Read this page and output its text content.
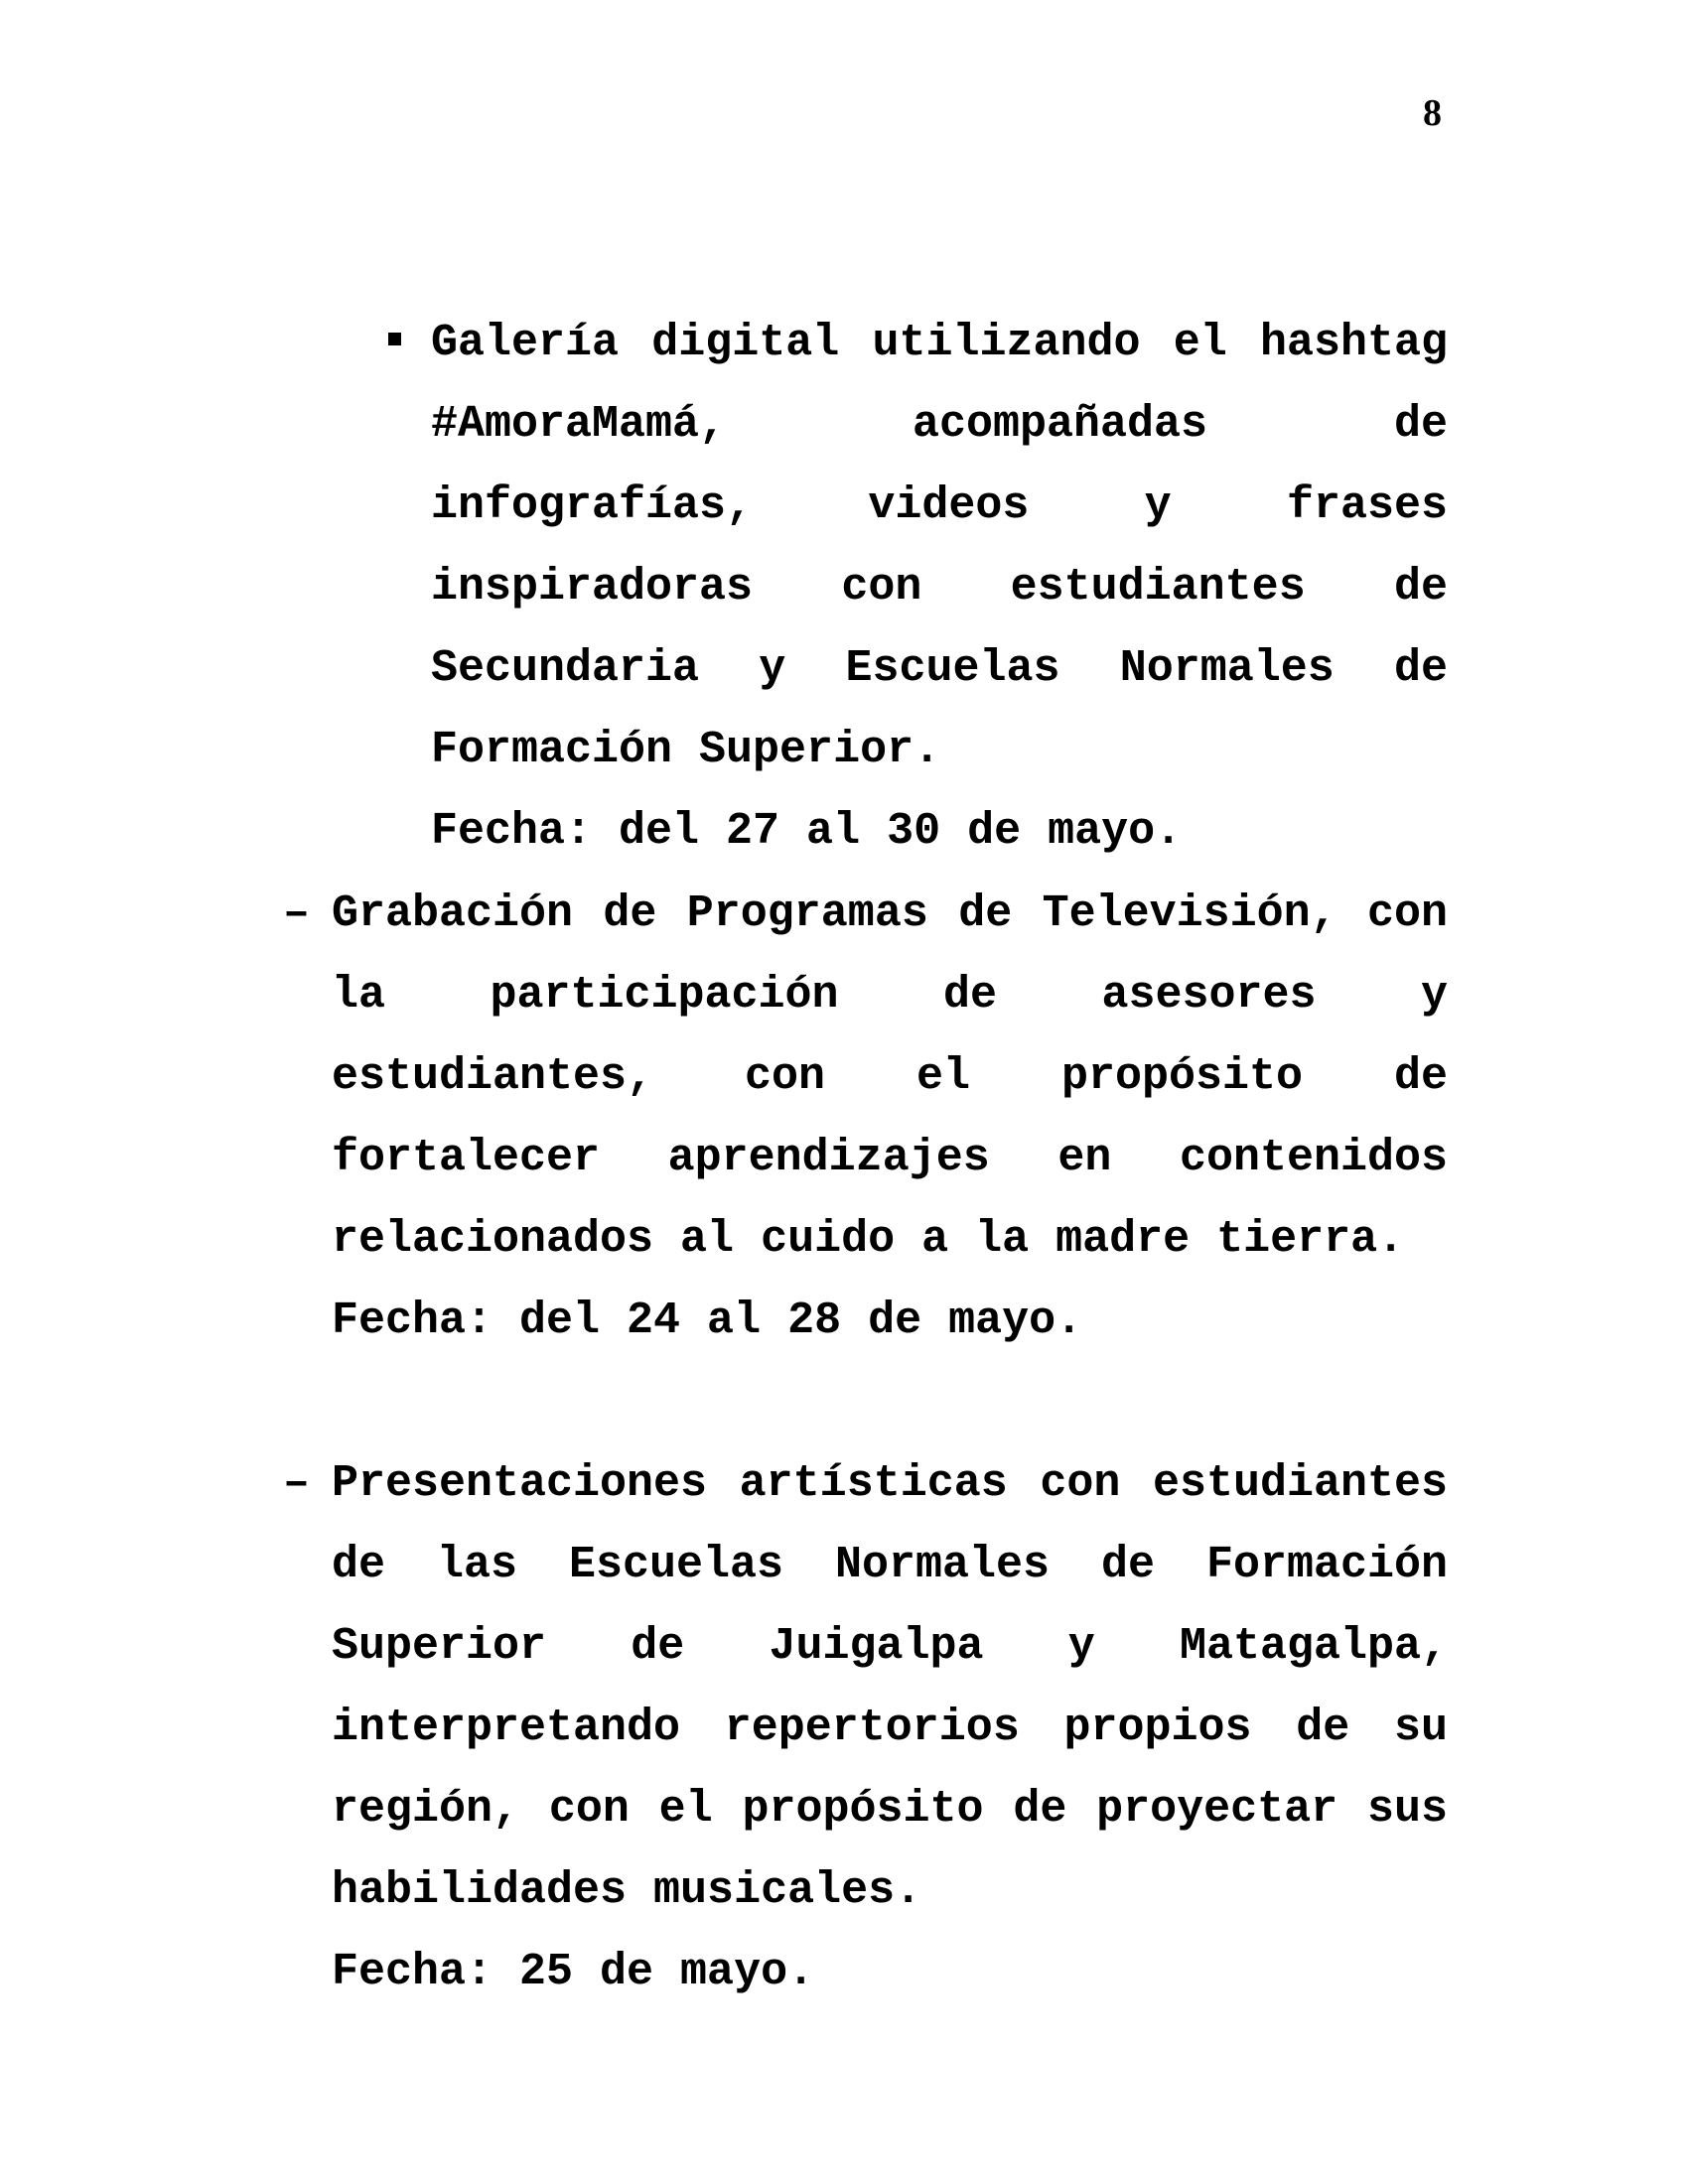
8

Galería digital utilizando el hashtag #AmoraMamá, acompañadas de infografías, videos y frases inspiradoras con estudiantes de Secundaria y Escuelas Normales de Formación Superior.

Fecha: del 27 al 30 de mayo.

– Grabación de Programas de Televisión, con la participación de asesores y estudiantes, con el propósito de fortalecer aprendizajes en contenidos relacionados al cuido a la madre tierra.

Fecha: del 24 al 28 de mayo.

– Presentaciones artísticas con estudiantes de las Escuelas Normales de Formación Superior de Juigalpa y Matagalpa, interpretando repertorios propios de su región, con el propósito de proyectar sus habilidades musicales.

Fecha: 25 de mayo.
